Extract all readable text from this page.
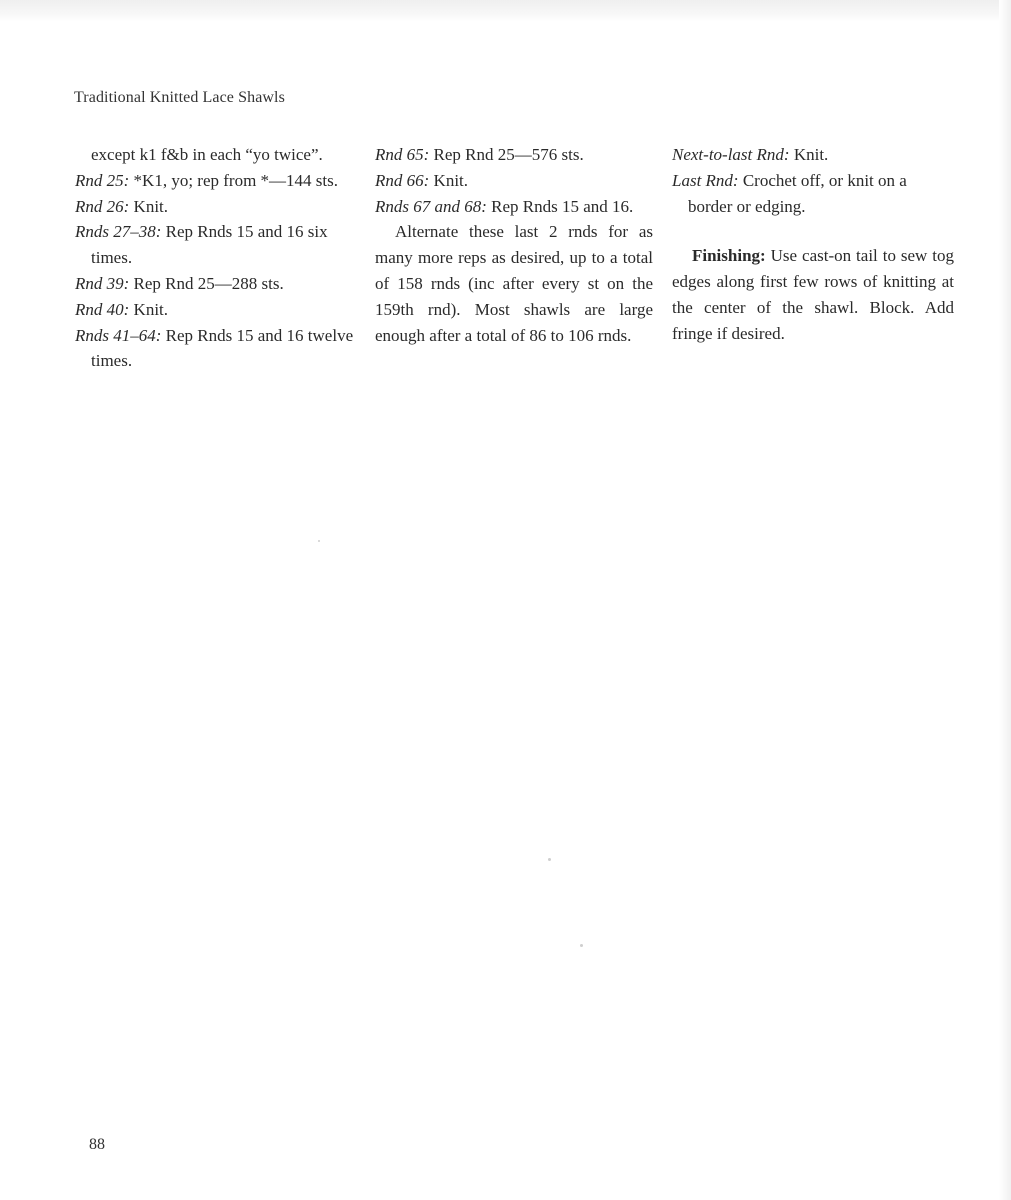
Traditional Knitted Lace Shawls

except k1 f&b in each “yo twice”.

Rnd 25: *K1, yo; rep from *—144 sts.

Rnd 26: Knit.

Rnds 27–38: Rep Rnds 15 and 16 six times.

Rnd 39: Rep Rnd 25—288 sts.

Rnd 40: Knit.

Rnds 41–64: Rep Rnds 15 and 16 twelve times.

Rnd 65: Rep Rnd 25—576 sts.

Rnd 66: Knit.

Rnds 67 and 68: Rep Rnds 15 and 16.

Alternate these last 2 rnds for as many more reps as desired, up to a total of 158 rnds (inc after every st on the 159th rnd). Most shawls are large enough after a total of 86 to 106 rnds.

Next-to-last Rnd: Knit.

Last Rnd: Crochet off, or knit on a border or edging.

Finishing: Use cast-on tail to sew tog edges along first few rows of knitting at the center of the shawl. Block. Add fringe if desired.

88
